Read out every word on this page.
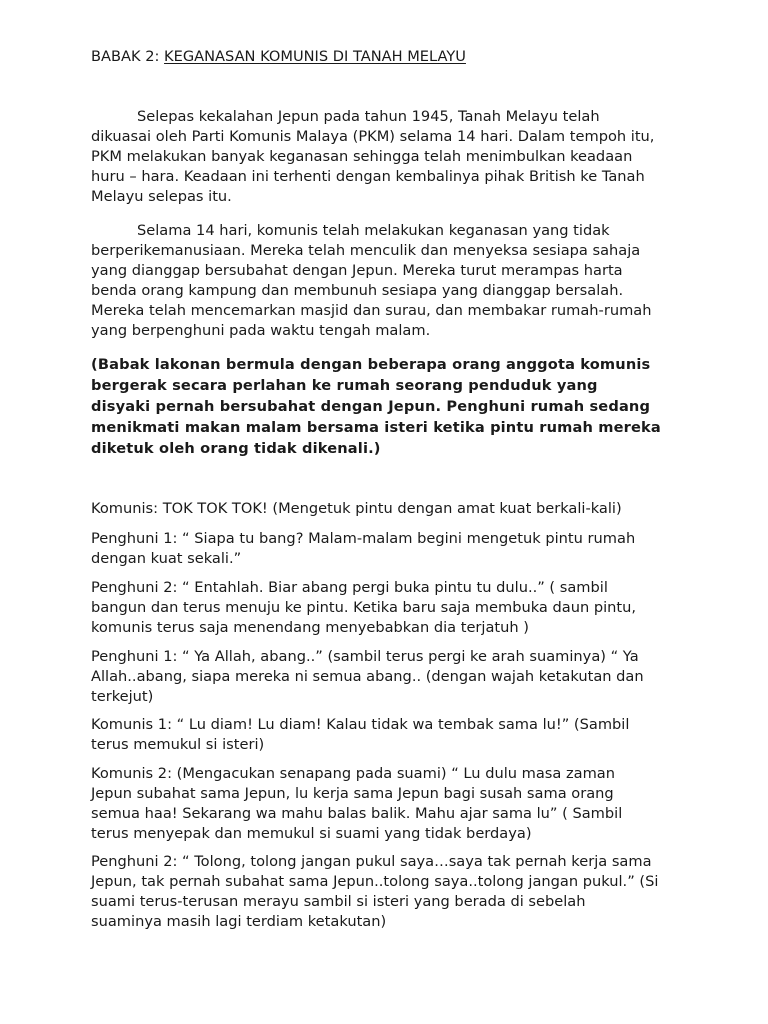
BABAK 2: KEGANASAN KOMUNIS DI TANAH MELAYU
Selepas kekalahan Jepun pada tahun 1945, Tanah Melayu telah
dikuasai oleh Parti Komunis Malaya (PKM) selama 14 hari. Dalam tempoh itu,
PKM melakukan banyak keganasan sehingga telah menimbulkan keadaan
huru – hara. Keadaan ini terhenti dengan kembalinya pihak British ke Tanah
Melayu selepas itu.
Selama 14 hari, komunis telah melakukan keganasan yang tidak
berperikemanusiaan. Mereka telah menculik dan menyeksa sesiapa sahaja
yang dianggap bersubahat dengan Jepun. Mereka turut merampas harta
benda orang kampung dan membunuh sesiapa yang dianggap bersalah.
Mereka telah mencemarkan masjid dan surau, dan membakar rumah-rumah
yang berpenghuni pada waktu tengah malam.
(Babak lakonan bermula dengan beberapa orang anggota komunis
bergerak secara perlahan ke rumah seorang penduduk yang
disyaki pernah bersubahat dengan Jepun. Penghuni rumah sedang
menikmati makan malam bersama isteri ketika pintu rumah mereka
diketuk oleh orang tidak dikenali.)
Komunis: TOK TOK TOK! (Mengetuk pintu dengan amat kuat berkali-kali)
Penghuni 1: “ Siapa tu bang? Malam-malam begini mengetuk pintu rumah
dengan kuat sekali.”
Penghuni 2: “ Entahlah. Biar abang pergi buka pintu tu dulu..” ( sambil
bangun dan terus menuju ke pintu. Ketika baru saja membuka daun pintu,
komunis terus saja menendang menyebabkan dia terjatuh )
Penghuni 1: “ Ya Allah, abang..” (sambil terus pergi ke arah suaminya) “ Ya
Allah..abang, siapa mereka ni semua abang.. (dengan wajah ketakutan dan
terkejut)
Komunis 1: “ Lu diam! Lu diam! Kalau tidak wa tembak sama lu!” (Sambil
terus memukul si isteri)
Komunis 2: (Mengacukan senapang pada suami) “ Lu dulu masa zaman
Jepun subahat sama Jepun, lu kerja sama Jepun bagi susah sama orang
semua haa! Sekarang wa mahu balas balik. Mahu ajar sama lu” ( Sambil
terus menyepak dan memukul si suami yang tidak berdaya)
Penghuni 2: “ Tolong, tolong jangan pukul saya…saya tak pernah kerja sama
Jepun, tak pernah subahat sama Jepun..tolong saya..tolong jangan pukul.” (Si
suami terus-terusan merayu sambil si isteri yang berada di sebelah
suaminya masih lagi terdiam ketakutan)
